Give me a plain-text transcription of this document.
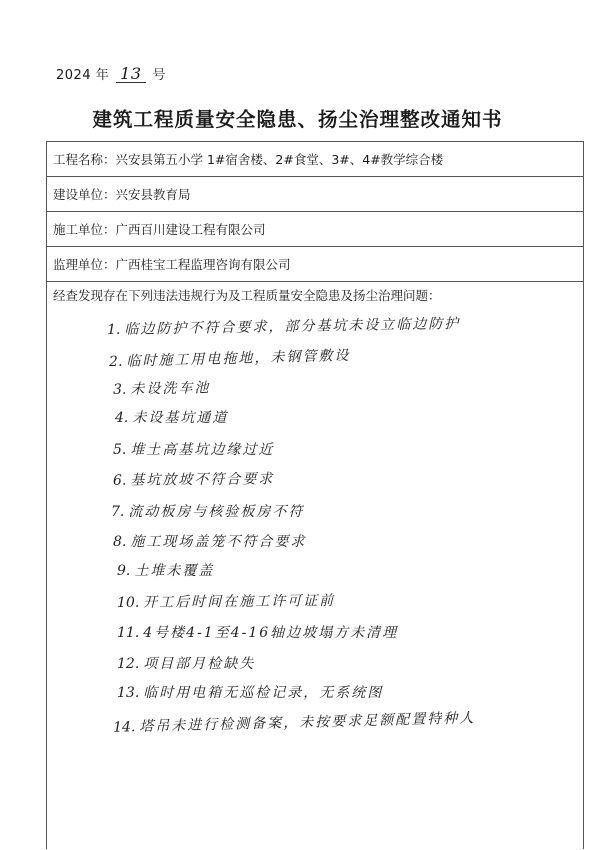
2024 年 13 号
建筑工程质量安全隐患、扬尘治理整改通知书
工程名称：兴安县第五小学 1#宿舍楼、2#食堂、3#、4#教学综合楼
建设单位：兴安县教育局
施工单位：广西百川建设工程有限公司
监理单位：广西桂宝工程监理咨询有限公司
经查发现存在下列违法违规行为及工程质量安全隐患及扬尘治理问题：
1. 临边防护不符合要求，部分基坑未设立临边防护
2. 临时施工用电拖地，未钢管敷设
3. 未设洗车池
4. 未设基坑通道
5. 堆土高基坑边缘过近
6. 基坑放坡不符合要求
7. 流动板房与核验板房不符
8. 施工现场盖笼不符合要求
9. 土堆未覆盖
10. 开工后时间在施工许可证前
11. 4号楼4-1至4-16轴边坡塌方未清理
12. 项目部月检缺失
13. 临时用电箱无巡检记录，无系统图
14. 塔吊未进行检测备案，未按要求足额配置特种人
